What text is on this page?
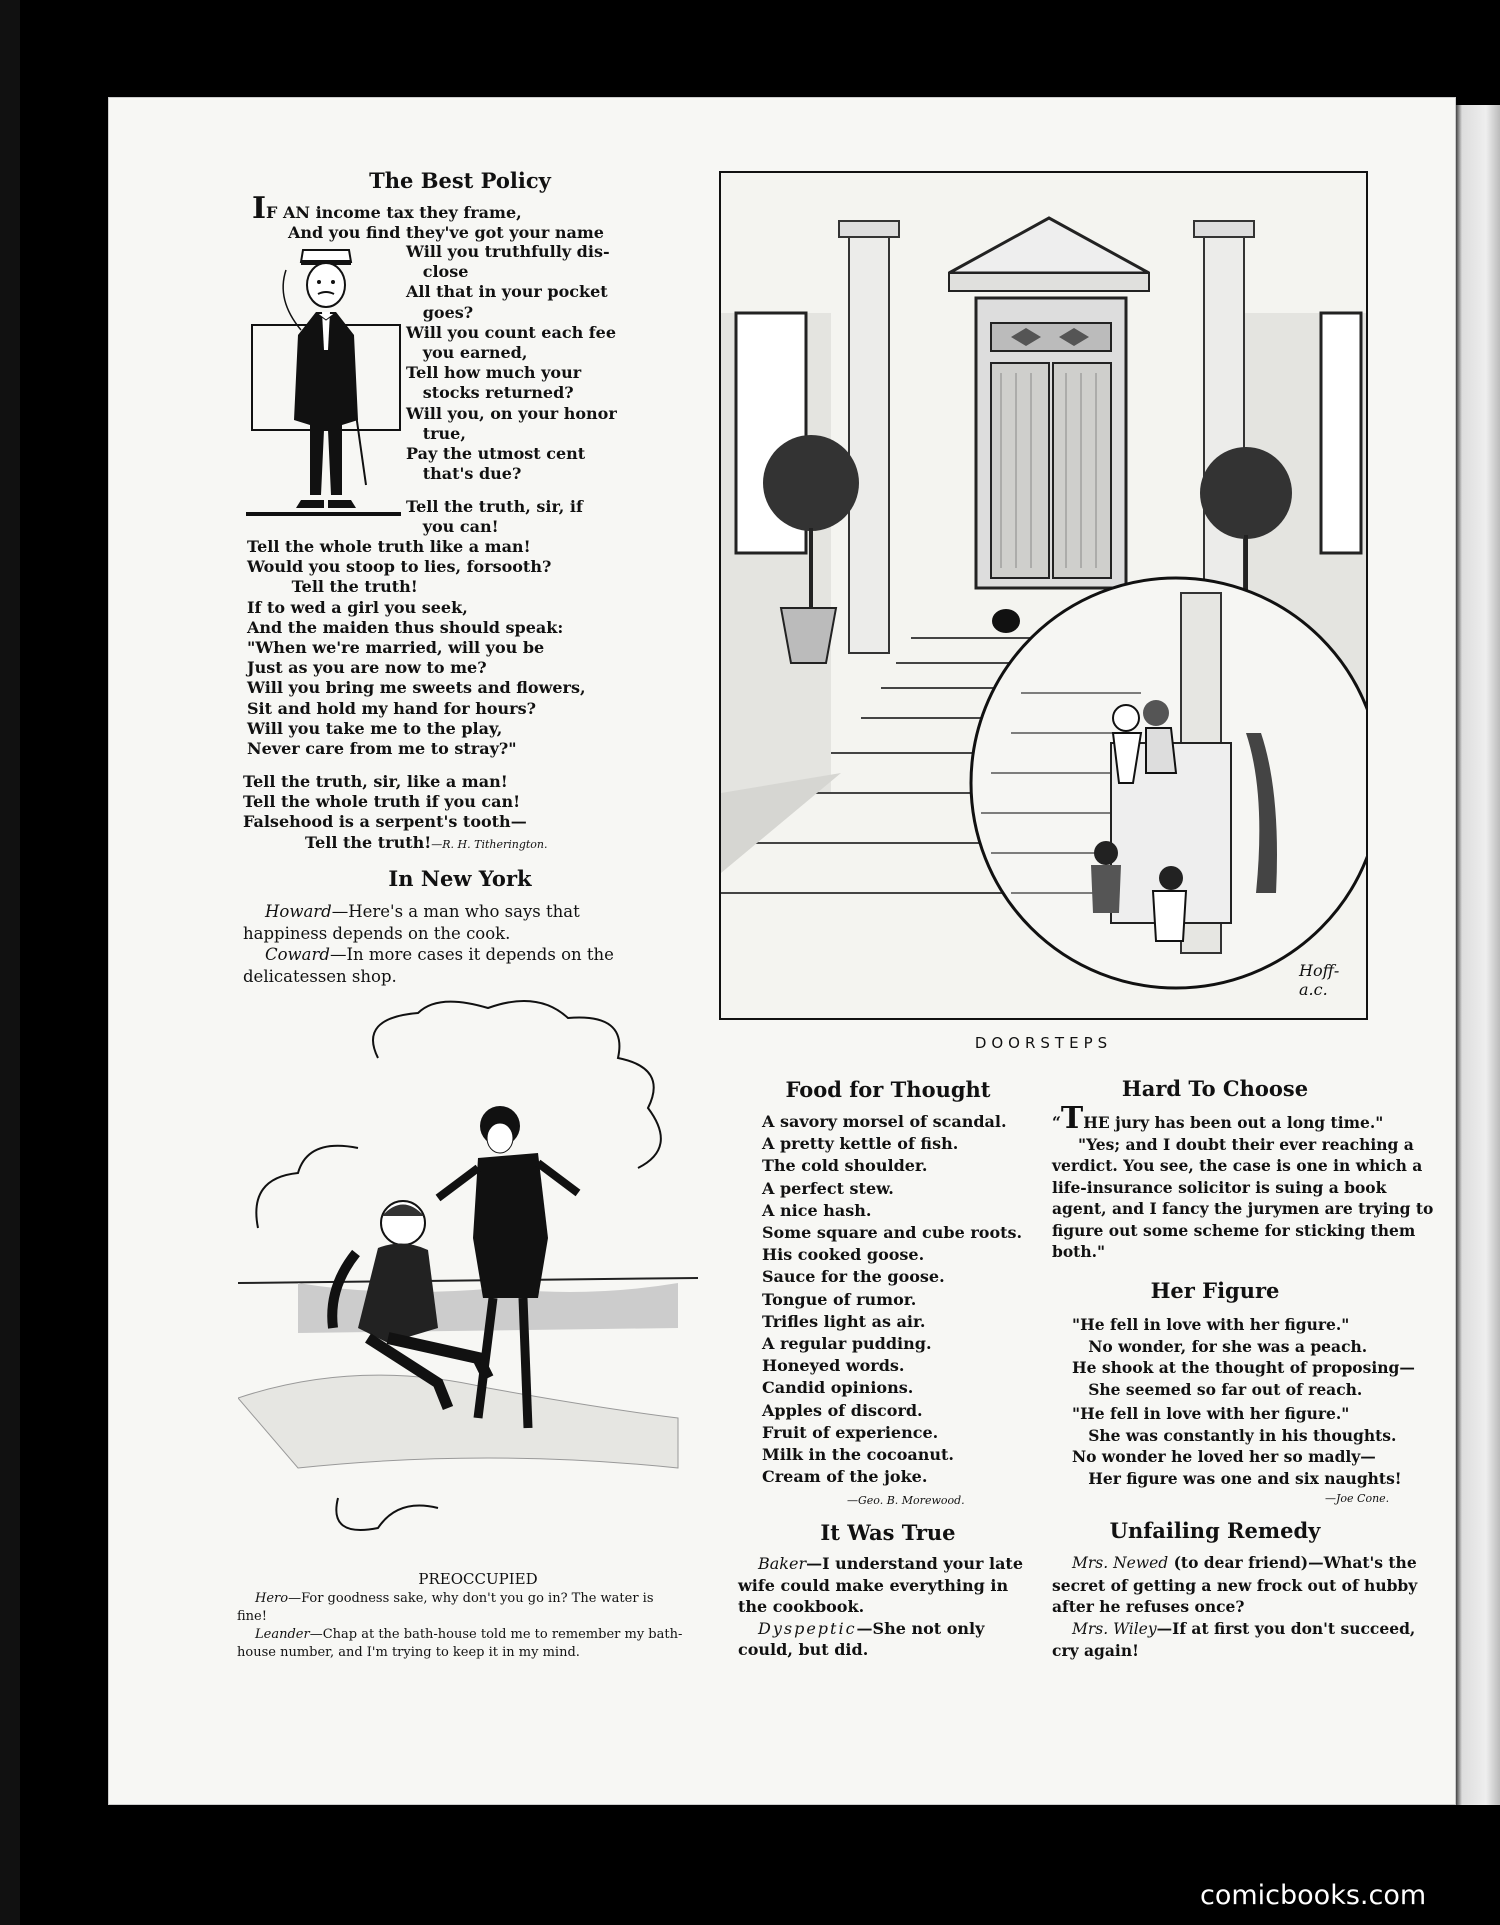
The Best Policy
IF AN income tax they frame,
And you find they've got your name
Will you truthfully dis-
close
All that in your pocket
goes?
Will you count each fee
you earned,
Tell how much your
stocks returned?
Will you, on your honor
true,
Pay the utmost cent
that's due?
Tell the truth, sir, if
you can!
Tell the whole truth like a man!
Would you stoop to lies, forsooth?
Tell the truth!
If to wed a girl you seek,
And the maiden thus should speak:
"When we're married, will you be
Just as you are now to me?
Will you bring me sweets and flowers,
Sit and hold my hand for hours?
Will you take me to the play,
Never care from me to stray?"
Tell the truth, sir, like a man!
Tell the whole truth if you can!
Falsehood is a serpent's tooth—
Tell the truth!—R. H. Titherington.
In New York

Howard—Here's a man who says that happiness depends on the cook.
Coward—In more cases it depends on the delicatessen shop.	Hoff-a.c.
DOORSTEPS
PREOCCUPIED

Hero—For goodness sake, why don't you go in? The water is fine!
Leander—Chap at the bath-house told me to remember my bath-house number, and I'm trying to keep it in my mind.

Food for Thought
A savory morsel of scandal.
A pretty kettle of fish.
The cold shoulder.
A perfect stew.
A nice hash.
Some square and cube roots.
His cooked goose.
Sauce for the goose.
Tongue of rumor.
Trifles light as air.
A regular pudding.
Honeyed words.
Candid opinions.
Apples of discord.
Fruit of experience.
Milk in the cocoanut.
Cream of the joke.
—Geo. B. Morewood.
It Was True

Baker—I understand your late wife could make everything in the cookbook.
Dyspeptic—She not only could, but did.

Hard To Choose

“THE jury has been out a long time."
"Yes; and I doubt their ever reaching a verdict. You see, the case is one in which a life-insurance solicitor is suing a book agent, and I fancy the jurymen are trying to figure out some scheme for sticking them both."

Her Figure
"He fell in love with her figure."
No wonder, for she was a peach.
He shook at the thought of proposing—
She seemed so far out of reach.
"He fell in love with her figure."
She was constantly in his thoughts.
No wonder he loved her so madly—
Her figure was one and six naughts!
—Joe Cone.
Unfailing Remedy

Mrs. Newed (to dear friend)—What's the secret of getting a new frock out of hubby after he refuses once?
Mrs. Wiley—If at first you don't succeed, cry again!

comicbooks.com
